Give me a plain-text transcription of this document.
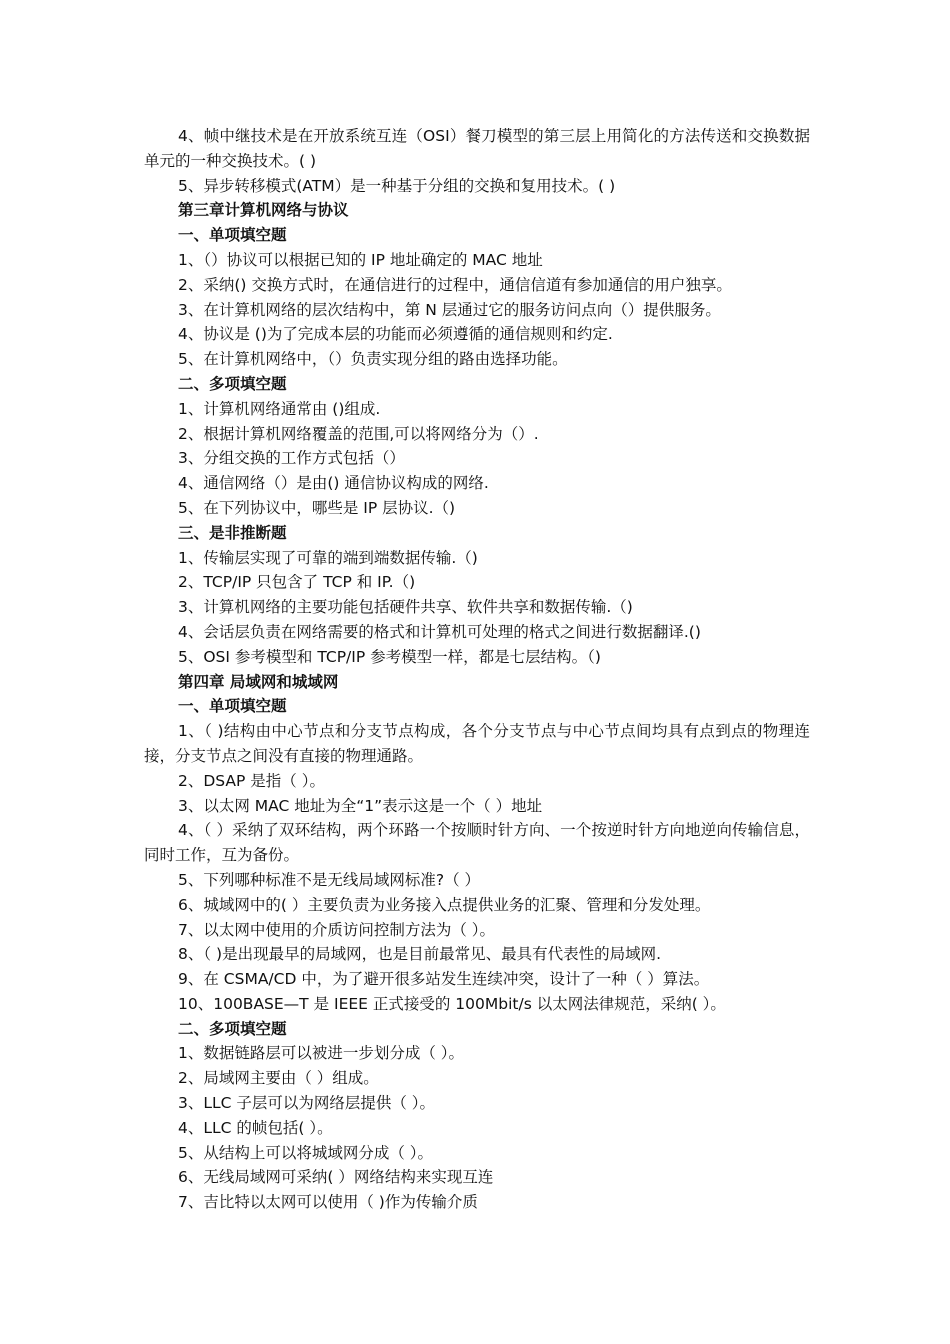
4、帧中继技术是在开放系统互连（OSI）餐刀模型的第三层上用简化的方法传送和交换数据单元的一种交换技术。( )
5、异步转移模式(ATM）是一种基于分组的交换和复用技术。( )
第三章计算机网络与协议
一、单项填空题
1、（）协议可以根据已知的 IP 地址确定的 MAC 地址
2、采纳() 交换方式时，在通信进行的过程中，通信信道有参加通信的用户独享。
3、在计算机网络的层次结构中，第 N 层通过它的服务访问点向（）提供服务。
4、协议是 ()为了完成本层的功能而必须遵循的通信规则和约定.
5、在计算机网络中，（）负责实现分组的路由选择功能。
二、多项填空题
1、计算机网络通常由 ()组成.
2、根据计算机网络覆盖的范围,可以将网络分为（）.
3、分组交换的工作方式包括（）
4、通信网络（）是由() 通信协议构成的网络.
5、在下列协议中，哪些是 IP 层协议.（)
三、是非推断题
1、传输层实现了可靠的端到端数据传输.（)
2、TCP/IP 只包含了 TCP 和 IP.（)
3、计算机网络的主要功能包括硬件共享、软件共享和数据传输.（)
4、会话层负责在网络需要的格式和计算机可处理的格式之间进行数据翻译.()
5、OSI 参考模型和 TCP/IP 参考模型一样，都是七层结构。（)
第四章 局域网和城域网
一、单项填空题
1、（ )结构由中心节点和分支节点构成，各个分支节点与中心节点间均具有点到点的物理连接，分支节点之间没有直接的物理通路。
2、DSAP 是指（ ）。
3、以太网 MAC 地址为全“1”表示这是一个（ ）地址
4、（ ）采纳了双环结构，两个环路一个按顺时针方向、一个按逆时针方向地逆向传输信息，同时工作，互为备份。
5、下列哪种标准不是无线局域网标准?（ ）
6、城域网中的( ）主要负责为业务接入点提供业务的汇聚、管理和分发处理。
7、以太网中使用的介质访问控制方法为（ ）。
8、（ )是出现最早的局域网，也是目前最常见、最具有代表性的局域网.
9、在 CSMA/CD 中，为了避开很多站发生连续冲突，设计了一种（ ）算法。
10、100BASE—T 是 IEEE 正式接受的 100Mbit/s 以太网法律规范，采纳( ）。
二、多项填空题
1、数据链路层可以被进一步划分成（ ）。
2、局域网主要由（ ）组成。
3、LLC 子层可以为网络层提供（ ）。
4、LLC 的帧包括( ）。
5、从结构上可以将城域网分成（ ）。
6、无线局域网可采纳( ）网络结构来实现互连
7、吉比特以太网可以使用（ )作为传输介质
